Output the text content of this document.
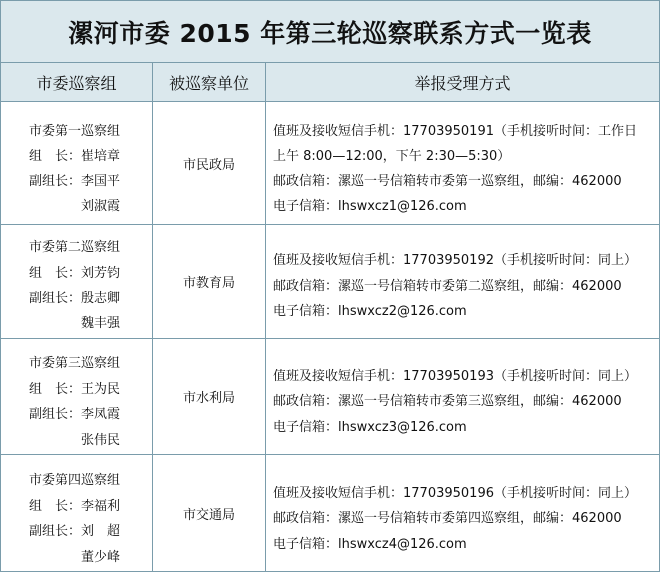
漯河市委 2015 年第三轮巡察联系方式一览表
市委巡察组	被巡察单位	举报受理方式
市委第一巡察组
组　长：崔培章
副组长：李国平
刘淑霞
市民政局
值班及接收短信手机：17703950191（手机接听时间：工作日
上午 8:00—12:00，下午 2:30—5:30）
邮政信箱：漯巡一号信箱转市委第一巡察组，邮编：462000
电子信箱：lhswxcz1@126.com
市委第二巡察组
组　长：刘芳钧
副组长：殷志卿
魏丰强
市教育局
值班及接收短信手机：17703950192（手机接听时间：同上）
邮政信箱：漯巡一号信箱转市委第二巡察组，邮编：462000
电子信箱：lhswxcz2@126.com
市委第三巡察组
组　长：王为民
副组长：李凤霞
张伟民
市水利局
值班及接收短信手机：17703950193（手机接听时间：同上）
邮政信箱：漯巡一号信箱转市委第三巡察组，邮编：462000
电子信箱：lhswxcz3@126.com
市委第四巡察组
组　长：李福利
副组长：刘　超
董少峰
市交通局
值班及接收短信手机：17703950196（手机接听时间：同上）
邮政信箱：漯巡一号信箱转市委第四巡察组，邮编：462000
电子信箱：lhswxcz4@126.com
